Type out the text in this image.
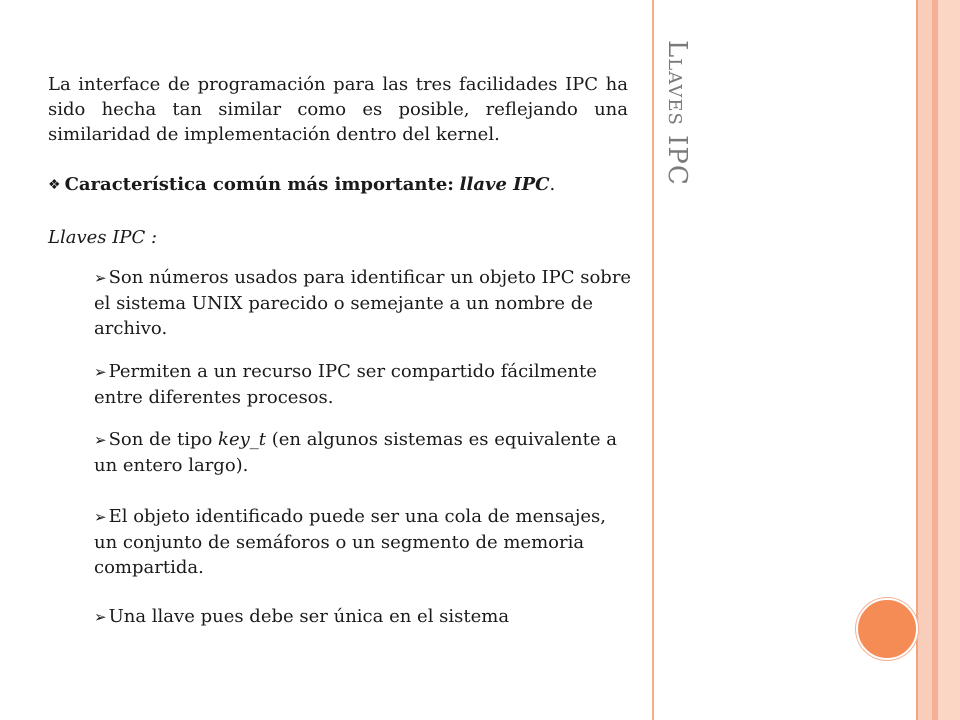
La interface de programación para las tres facilidades IPC ha sido hecha tan similar como es posible, reflejando una similaridad de implementación dentro del kernel.

❖ Característica común más importante: llave IPC.
Llaves IPC :
➢ Son números usados para identificar un objeto IPC sobre el sistema UNIX parecido o semejante a un nombre de archivo.
➢ Permiten a un recurso IPC ser compartido fácilmente entre diferentes procesos.
➢ Son de tipo key_t (en algunos sistemas es equivalente a un entero largo).
➢ El objeto identificado puede ser una cola de mensajes, un conjunto de semáforos o un segmento de memoria compartida.
➢ Una llave pues debe ser única en el sistema
Llaves IPC
